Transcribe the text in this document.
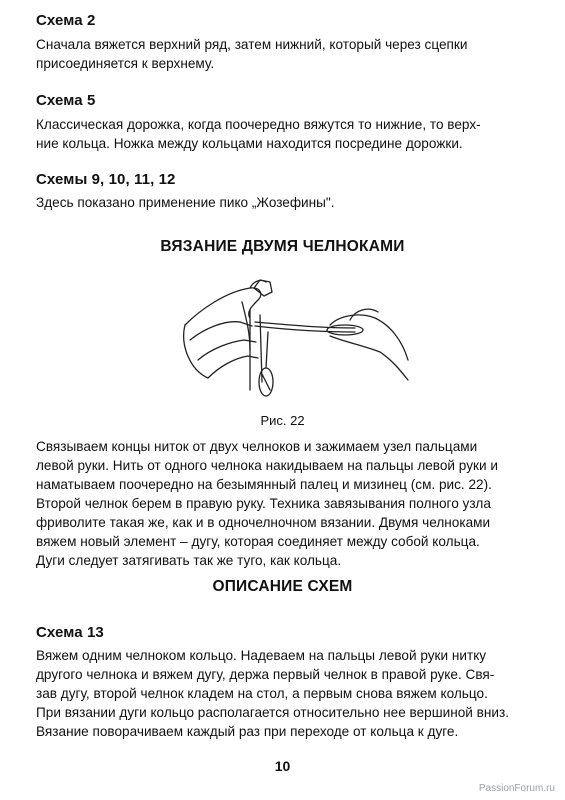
Схема 2
Сначала вяжется верхний ряд, затем нижний, который через сцепки
присоединяется к верхнему.
Схема 5
Классическая дорожка, когда поочередно вяжутся то нижние, то верх-
ние кольца. Ножка между кольцами находится посредине дорожки.
Схемы 9, 10, 11, 12
Здесь показано применение пико „Жозефины".
ВЯЗАНИЕ ДВУМЯ ЧЕЛНОКАМИ
Рис. 22
Связываем концы ниток от двух челноков и зажимаем узел пальцами
левой руки. Нить от одного челнока накидываем на пальцы левой руки и
наматываем поочередно на безымянный палец и мизинец (см. рис. 22).
Второй челнок берем в правую руку. Техника завязывания полного узла
фриволите такая же, как и в одночелночном вязании. Двумя челноками
вяжем новый элемент – дугу, которая соединяет между собой кольца.
Дуги следует затягивать так же туго, как кольца.
ОПИСАНИЕ СХЕМ
Схема 13
Вяжем одним челноком кольцо. Надеваем на пальцы левой руки нитку
другого челнока и вяжем дугу, держа первый челнок в правой руке. Свя-
зав дугу, второй челнок кладем на стол, а первым снова вяжем кольцо.
При вязании дуги кольцо располагается относительно нее вершиной вниз.
Вязание поворачиваем каждый раз при переходе от кольца к дуге.
10
PassionForum.ru
